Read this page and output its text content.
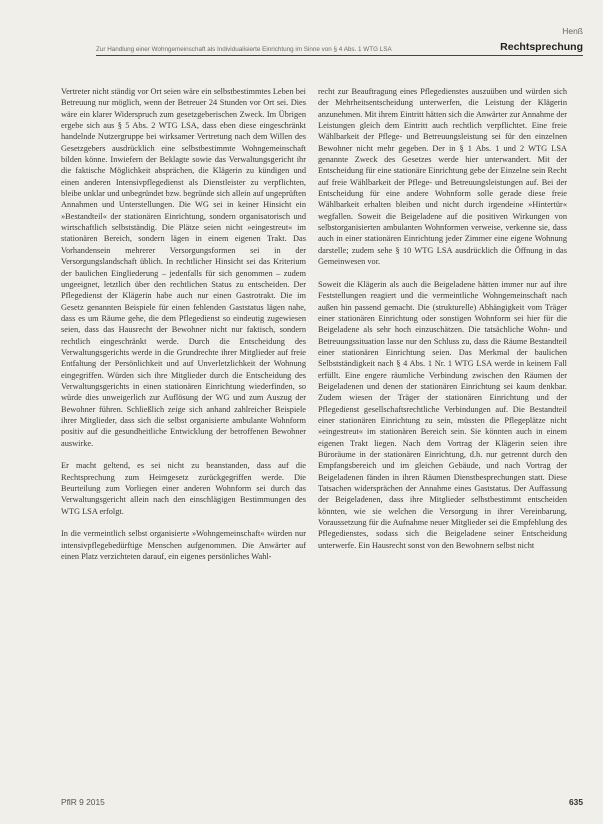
Henß
Zur Handlung einer Wohngemeinschaft als Individualisierte Einrichtung im Sinne von § 4 Abs. 1 WTG LSA	Rechtsprechung

Vertreter nicht ständig vor Ort seien wäre ein selbstbestimmtes Leben bei Betreuung nur möglich, wenn der Betreuer 24 Stunden vor Ort sei. Dies wäre ein klarer Widerspruch zum gesetzgeberischen Zweck. Im Übrigen ergebe sich aus § 5 Abs. 2 WTG LSA, dass eben diese eingeschränkt handelnde Nutzergruppe bei wirksamer Vertretung nach dem Willen des Gesetzgebers ausdrücklich eine selbstbestimmte Wohngemeinschaft bilden könne. Inwiefern der Beklagte sowie das Verwaltungsgericht ihr die faktische Möglichkeit absprächen, die Klägerin zu kündigen und einen anderen Intensivpflegedienst als Dienstleister zu verpflichten, bleibe unklar und unbegründet bzw. begründe sich allein auf ungeprüften Annahmen und Unterstellungen. Die WG sei in keiner Hinsicht ein »Bestandteil« der stationären Einrichtung, sondern organisatorisch und wirtschaftlich selbstständig. Die Plätze seien nicht »eingestreut« im stationären Bereich, sondern lägen in einem eigenen Trakt. Das Vorhandensein mehrerer Versorgungsformen sei in der Versorgungslandschaft üblich. In rechtlicher Hinsicht sei das Kriterium der baulichen Eingliederung – jedenfalls für sich genommen – zudem ungeeignet, letztlich über den rechtlichen Status zu entscheiden. Der Pflegedienst der Klägerin habe auch nur einen Gastrotrakt. Die im Gesetz genannten Beispiele für einen fehlenden Gaststatus lägen nahe, dass es um Räume gehe, die dem Pflegedienst so eindeutig zugewiesen seien, dass das Hausrecht der Bewohner nicht nur faktisch, sondern rechtlich eingeschränkt werde. Durch die Entscheidung des Verwaltungsgerichts werde in die Grundrechte ihrer Mitglieder auf freie Entfaltung der Persönlichkeit und auf Unverletzlichkeit der Wohnung eingegriffen. Würden sich ihre Mitglieder durch die Entscheidung des Verwaltungsgerichts in einen stationären Einrichtung wiederfinden, so würde dies unweigerlich zur Auflösung der WG und zum Auszug der Bewohner führen. Schließlich zeige sich anhand zahlreicher Beispiele ihrer Mitglieder, dass sich die selbst organisierte ambulante Wohnform positiv auf die gesundheitliche Entwicklung der betroffenen Bewohner auswirke.

Er macht geltend, es sei nicht zu beanstanden, dass auf die Rechtsprechung zum Heimgesetz zurückgegriffen werde. Die Beurteilung zum Vorliegen einer anderen Wohnform sei durch das Verwaltungsgericht allein nach den einschlägigen Bestimmungen des WTG LSA erfolgt.

In die vermeintlich selbst organisierte »Wohngemeinschaft« würden nur intensivpflegebedürftige Menschen aufgenommen. Die Anwärter auf einen Platz verzichteten darauf, ein eigenes persönliches Wahl-

recht zur Beauftragung eines Pflegedienstes auszuüben und würden sich der Mehrheitsentscheidung unterwerfen, die Leistung der Klägerin anzunehmen. Mit ihrem Eintritt hätten sich die Anwärter zur Annahme der Leistungen gleich dem Eintritt auch rechtlich verpflichtet. Eine freie Wählbarkeit der Pflege- und Betreuungsleistung sei für den einzelnen Bewohner nicht mehr gegeben. Der in § 1 Abs. 1 und 2 WTG LSA genannte Zweck des Gesetzes werde hier unterwandert. Mit der Entscheidung für eine stationäre Einrichtung gebe der Einzelne sein Recht auf freie Wählbarkeit der Pflege- und Betreuungsleistungen auf. Bei der Entscheidung für eine andere Wohnform solle gerade diese freie Wählbarkeit erhalten bleiben und nicht durch irgendeine »Hintertür« wegfallen. Soweit die Beigeladene auf die positiven Wirkungen von selbstorganisierten ambulanten Wohnformen verweise, verkenne sie, dass auch in einer stationären Einrichtung jeder Zimmer eine eigene Wohnung darstelle; zudem sehe § 10 WTG LSA ausdrücklich die Öffnung in das Gemeinwesen vor.

Soweit die Klägerin als auch die Beigeladene hätten immer nur auf ihre Feststellungen reagiert und die vermeintliche Wohngemeinschaft nach außen hin passend gemacht. Die (strukturelle) Abhängigkeit vom Träger einer stationären Einrichtung oder sonstigen Wohnform sei hier für die Beigeladene als sehr hoch einzuschätzen. Die tatsächliche Wohn- und Betreuungssituation lasse nur den Schluss zu, dass die Räume Bestandteil einer stationären Einrichtung seien. Das Merkmal der baulichen Selbstständigkeit nach § 4 Abs. 1 Nr. 1 WTG LSA werde in keinem Fall erfüllt. Eine engere räumliche Verbindung zwischen den Räumen der Beigeladenen und denen der stationären Einrichtung sei kaum denkbar. Zudem wiesen der Träger der stationären Einrichtung und der Pflegedienst gesellschaftsrechtliche Verbindungen auf. Die Bestandteil einer stationären Einrichtung zu sein, müssten die Pflegeplätze nicht »eingestreut« im stationären Bereich sein. Sie könnten auch in einem eigenen Trakt liegen. Nach dem Vortrag der Klägerin seien ihre Büroräume in der stationären Einrichtung, d.h. nur getrennt durch den Empfangsbereich und im gleichen Gebäude, und nach Vortrag der Beigeladenen fänden in ihren Räumen Dienstbesprechungen statt. Diese Tatsachen widersprächen der Annahme eines Gaststatus. Der Auffassung der Beigeladenen, dass ihre Mitglieder selbstbestimmt entscheiden könnten, wie sie welchen die Versorgung in ihrer Vereinbarung, Voraussetzung für die Aufnahme neuer Mitglieder sei die Empfehlung des Pflegedienstes, sodass sich die Beigeladene seiner Entscheidung unterwerfe. Ein Hausrecht sonst von den Bewohnern selbst nicht

PflR 9 2015	635
